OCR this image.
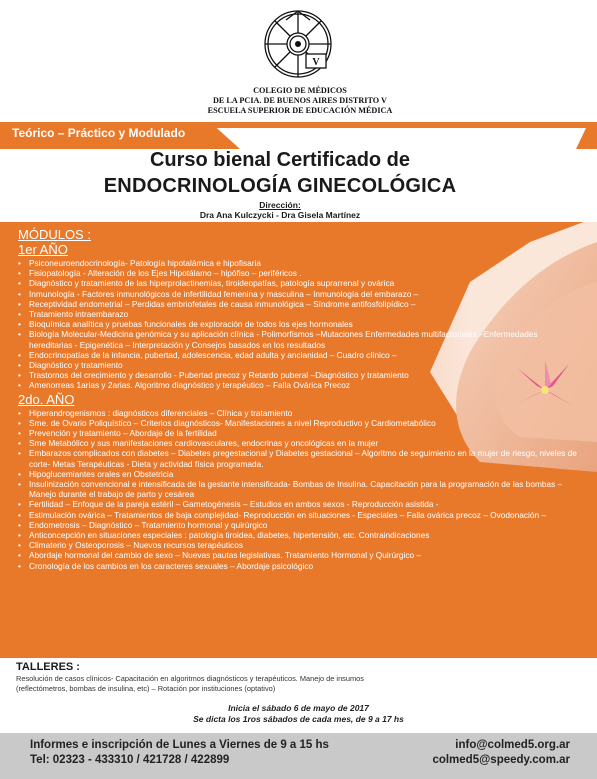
V
COLEGIO DE MÉDICOS
DE LA PCIA. DE BUENOS AIRES DISTRITO V
ESCUELA SUPERIOR DE EDUCACIÓN MÉDICA
Teórico – Práctico y Modulado
Curso bienal Certificado de
ENDOCRINOLOGÍA GINECOLÓGICA
Dirección:
Dra Ana Kulczycki - Dra Gisela Martínez
MÓDULOS :
1er AÑO
• Psiconeuroendocrinología- Patología hipotalámica e hipofisaria
• Fisiopatología - Alteración de los Ejes Hipotálamo – hipófiso – periféricos .
• Diagnóstico y tratamiento de las hiperprolactinemias, tiroideopatías, patología suprarrenal y ovárica
• Inmunología - Factores inmunológicos de infertilidad femenina y masculina – Inmunología del embarazo –
• Receptividad endometrial – Perdidas embriofetales de causa inmunológica – Síndrome antifosfolipídico –
• Tratamiento intraembarazo
• Bioquímica analítica y pruebas funcionales de exploración de todos los ejes hormonales
• Biología Molecular-Medicina genómica y su aplicación clínica - Polimorfismos –Mutaciones Enfermedades multifactoriales –Enfermedades hereditarias - Epigenética – Interpretación y Consejos basados en los resultados
• Endocrinopatías de la infancia, pubertad, adolescencia, edad adulta y ancianidad – Cuadro clínico –
• Diagnóstico y tratamiento
• Trastornos del crecimiento y desarrollo - Pubertad precoz y Retardo puberal –Diagnóstico y tratamiento
• Amenorreas 1arias y 2arias. Algoritmo diagnóstico y terapéutico – Falla Ovárica Precoz
2do. AÑO
• Hiperandrogenismos : diagnósticos diferenciales – Clínica y tratamiento
• Sme. de Ovario Poliquístico – Criterios diagnósticos- Manifestaciones a nivel Reproductivo y Cardiometabólico
• Prevención y tratamiento – Abordaje de la fertilidad
• Sme Metabólico y sus manifestaciones cardiovasculares, endocrinas y oncológicas en la mujer
• Embarazos complicados con diabetes – Diabetes pregestacional y Diabetes gestacional – Algoritmo de seguimiento en la mujer de riesgo, niveles de corte- Metas Terapéuticas - Dieta y actividad física programada.
• Hipoglucemiantes orales en Obstetricia
• Insulinización convencional e intensificada de la gestante intensificada- Bombas de Insulina. Capacitación para la programación de las bombas – Manejo durante el trabajo de parto y cesárea
• Fertilidad – Enfoque de la pareja estéril – Gametogénesis – Estudios en ambos sexos - Reproducción asistida -
• Estimulación ovárica – Tratamientos de baja complejidad- Reproducción en situaciones - Especiales – Falla ovárica precoz – Ovodonación –
• Endometrosis – Diagnóstico – Tratamiento hormonal y quirúrgico
• Anticoncepción en situaciones especiales : patología tiroidea, diabetes, hipertensión, etc. Contraindicaciones
• Climaterio y Osteoporosis – Nuevos recursos terapéuticos
• Abordaje hormonal del cambio de sexo – Nuevas pautas legislativas. Tratamiento Hormonal y Quirúrgico –
• Cronología de los cambios en los caracteres sexuales – Abordaje psicológico
TALLERES :
Resolución de casos clínicos- Capacitación en algoritmos diagnósticos y terapéuticos. Manejo de insumos
(reflectómetros, bombas de insulina, etc) – Rotación por instituciones (optativo)
Inicia el sábado 6 de mayo de 2017
Se dicta los 1ros sábados de cada mes, de 9 a 17 hs
Informes e inscripción de Lunes a Viernes de 9 a 15 hs
Tel: 02323 - 433310 / 421728 / 422899
info@colmed5.org.ar
colmed5@speedy.com.ar
